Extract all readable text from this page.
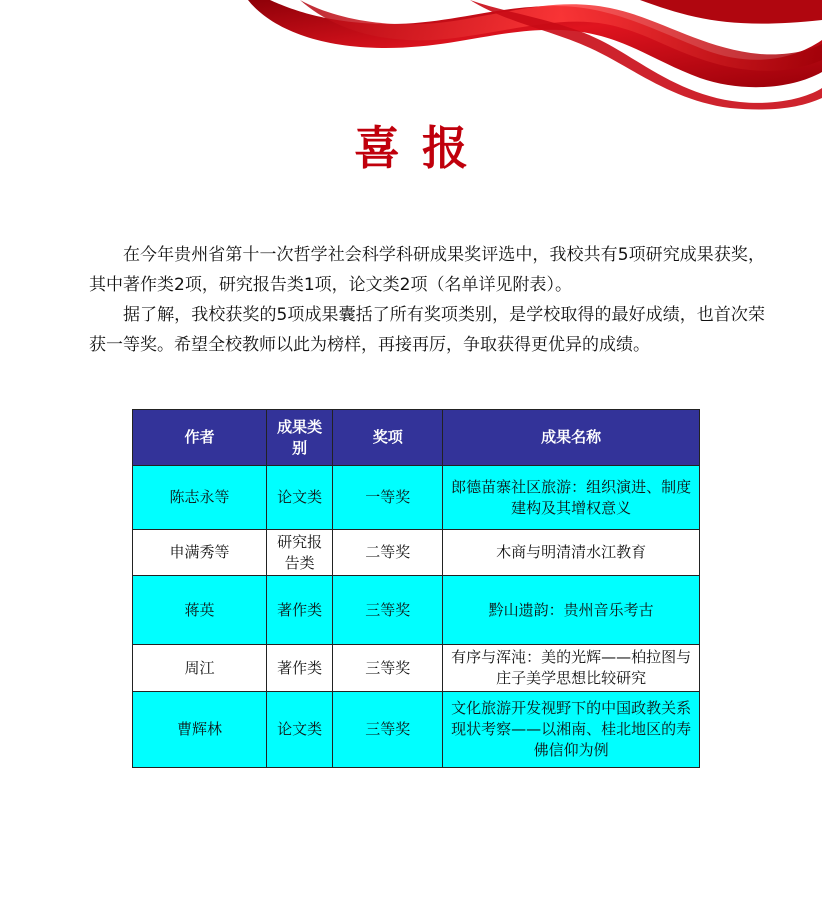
喜报

在今年贵州省第十一次哲学社会科学科研成果奖评选中，我校共有5项研究成果获奖，其中著作类2项，研究报告类1项，论文类2项（名单详见附表）。

据了解，我校获奖的5项成果囊括了所有奖项类别，是学校取得的最好成绩，也首次荣获一等奖。希望全校教师以此为榜样，再接再厉，争取获得更优异的成绩。

作者	成果类别	奖项	成果名称
陈志永等	论文类	一等奖	郎德苗寨社区旅游：组织演进、制度建构及其增权意义
申满秀等	研究报告类	二等奖	木商与明清清水江教育
蒋英	著作类	三等奖	黔山遗韵：贵州音乐考古
周江	著作类	三等奖	有序与浑沌：美的光辉——柏拉图与庄子美学思想比较研究
曹辉林	论文类	三等奖	文化旅游开发视野下的中国政教关系现状考察——以湘南、桂北地区的寿佛信仰为例
